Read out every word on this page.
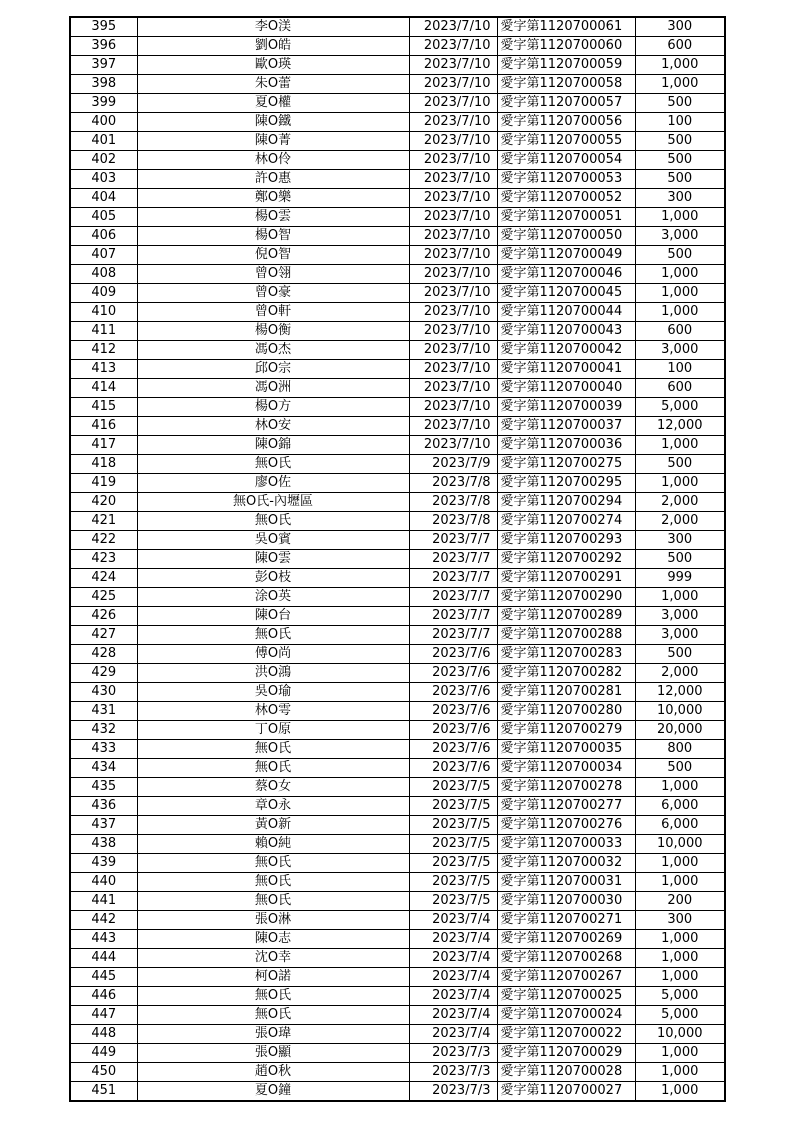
395	李O渼	2023/7/10	愛字第1120700061	300
396	劉O皓	2023/7/10	愛字第1120700060	600
397	歐O瑛	2023/7/10	愛字第1120700059	1,000
398	朱O蕾	2023/7/10	愛字第1120700058	1,000
399	夏O權	2023/7/10	愛字第1120700057	500
400	陳O鐵	2023/7/10	愛字第1120700056	100
401	陳O菁	2023/7/10	愛字第1120700055	500
402	林O伶	2023/7/10	愛字第1120700054	500
403	許O惠	2023/7/10	愛字第1120700053	500
404	鄭O樂	2023/7/10	愛字第1120700052	300
405	楊O雲	2023/7/10	愛字第1120700051	1,000
406	楊O智	2023/7/10	愛字第1120700050	3,000
407	倪O智	2023/7/10	愛字第1120700049	500
408	曾O翎	2023/7/10	愛字第1120700046	1,000
409	曾O豪	2023/7/10	愛字第1120700045	1,000
410	曾O軒	2023/7/10	愛字第1120700044	1,000
411	楊O衡	2023/7/10	愛字第1120700043	600
412	馮O杰	2023/7/10	愛字第1120700042	3,000
413	邱O宗	2023/7/10	愛字第1120700041	100
414	馮O洲	2023/7/10	愛字第1120700040	600
415	楊O方	2023/7/10	愛字第1120700039	5,000
416	林O安	2023/7/10	愛字第1120700037	12,000
417	陳O錦	2023/7/10	愛字第1120700036	1,000
418	無O氏	2023/7/9	愛字第1120700275	500
419	廖O佐	2023/7/8	愛字第1120700295	1,000
420	無O氏-內壢區	2023/7/8	愛字第1120700294	2,000
421	無O氏	2023/7/8	愛字第1120700274	2,000
422	吳O賓	2023/7/7	愛字第1120700293	300
423	陳O雲	2023/7/7	愛字第1120700292	500
424	彭O枝	2023/7/7	愛字第1120700291	999
425	涂O英	2023/7/7	愛字第1120700290	1,000
426	陳O台	2023/7/7	愛字第1120700289	3,000
427	無O氏	2023/7/7	愛字第1120700288	3,000
428	傅O尚	2023/7/6	愛字第1120700283	500
429	洪O鴻	2023/7/6	愛字第1120700282	2,000
430	吳O瑜	2023/7/6	愛字第1120700281	12,000
431	林O雩	2023/7/6	愛字第1120700280	10,000
432	丁O原	2023/7/6	愛字第1120700279	20,000
433	無O氏	2023/7/6	愛字第1120700035	800
434	無O氏	2023/7/6	愛字第1120700034	500
435	蔡O女	2023/7/5	愛字第1120700278	1,000
436	章O永	2023/7/5	愛字第1120700277	6,000
437	黃O新	2023/7/5	愛字第1120700276	6,000
438	賴O純	2023/7/5	愛字第1120700033	10,000
439	無O氏	2023/7/5	愛字第1120700032	1,000
440	無O氏	2023/7/5	愛字第1120700031	1,000
441	無O氏	2023/7/5	愛字第1120700030	200
442	張O淋	2023/7/4	愛字第1120700271	300
443	陳O志	2023/7/4	愛字第1120700269	1,000
444	沈O幸	2023/7/4	愛字第1120700268	1,000
445	柯O諾	2023/7/4	愛字第1120700267	1,000
446	無O氏	2023/7/4	愛字第1120700025	5,000
447	無O氏	2023/7/4	愛字第1120700024	5,000
448	張O瑋	2023/7/4	愛字第1120700022	10,000
449	張O顯	2023/7/3	愛字第1120700029	1,000
450	趙O秋	2023/7/3	愛字第1120700028	1,000
451	夏O鐘	2023/7/3	愛字第1120700027	1,000
